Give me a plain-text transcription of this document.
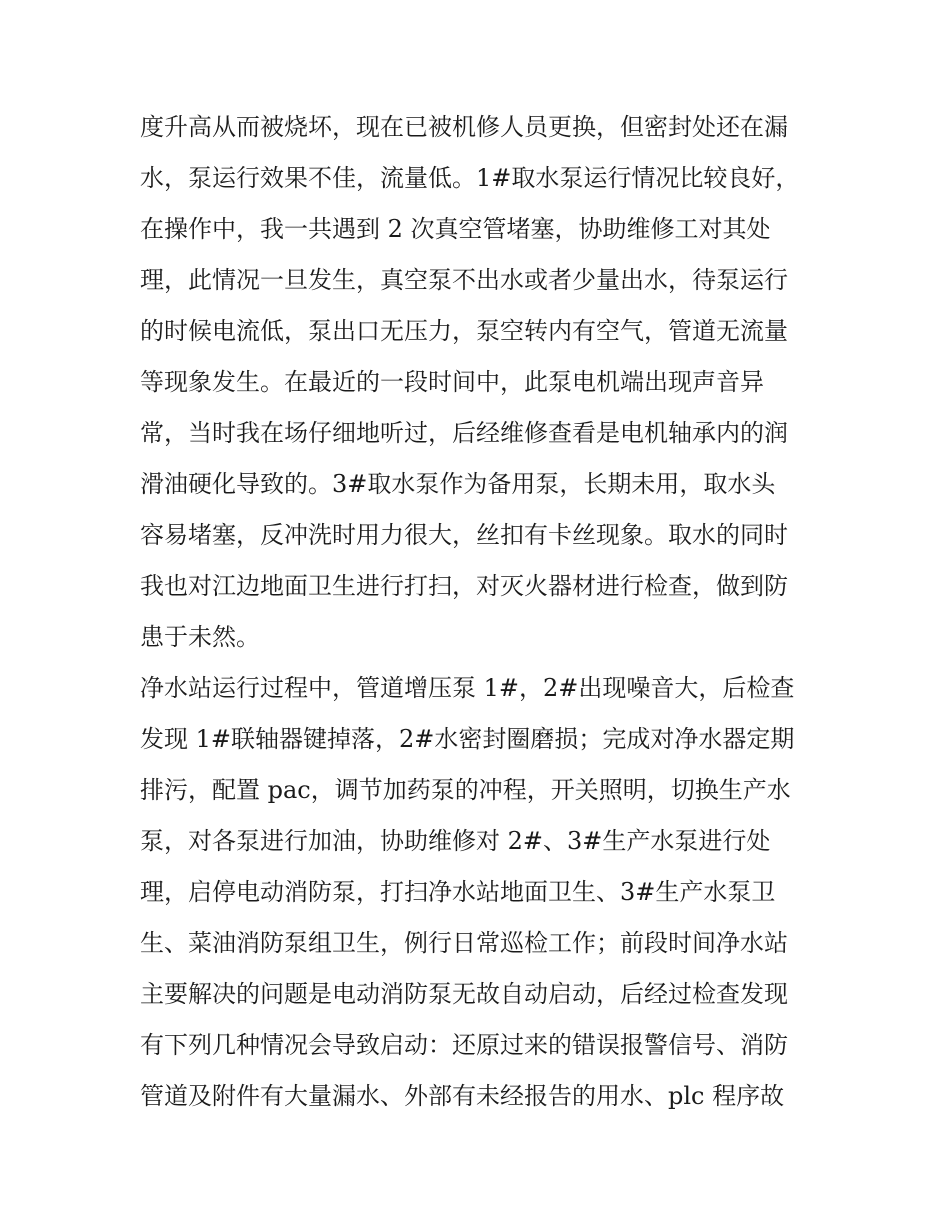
度升高从而被烧坏，现在已被机修人员更换，但密封处还在漏
水，泵运行效果不佳，流量低。1#取水泵运行情况比较良好，
在操作中，我一共遇到 2 次真空管堵塞，协助维修工对其处
理，此情况一旦发生，真空泵不出水或者少量出水，待泵运行
的时候电流低，泵出口无压力，泵空转内有空气，管道无流量
等现象发生。在最近的一段时间中，此泵电机端出现声音异
常，当时我在场仔细地听过，后经维修查看是电机轴承内的润
滑油硬化导致的。3#取水泵作为备用泵，长期未用，取水头
容易堵塞，反冲洗时用力很大，丝扣有卡丝现象。取水的同时
我也对江边地面卫生进行打扫，对灭火器材进行检查，做到防
患于未然。
净水站运行过程中，管道增压泵 1#，2#出现噪音大，后检查
发现 1#联轴器键掉落，2#水密封圈磨损；完成对净水器定期
排污，配置 pac，调节加药泵的冲程，开关照明，切换生产水
泵，对各泵进行加油，协助维修对 2#、3#生产水泵进行处
理，启停电动消防泵，打扫净水站地面卫生、3#生产水泵卫
生、菜油消防泵组卫生，例行日常巡检工作；前段时间净水站
主要解决的问题是电动消防泵无故自动启动，后经过检查发现
有下列几种情况会导致启动：还原过来的错误报警信号、消防
管道及附件有大量漏水、外部有未经报告的用水、plc 程序故
